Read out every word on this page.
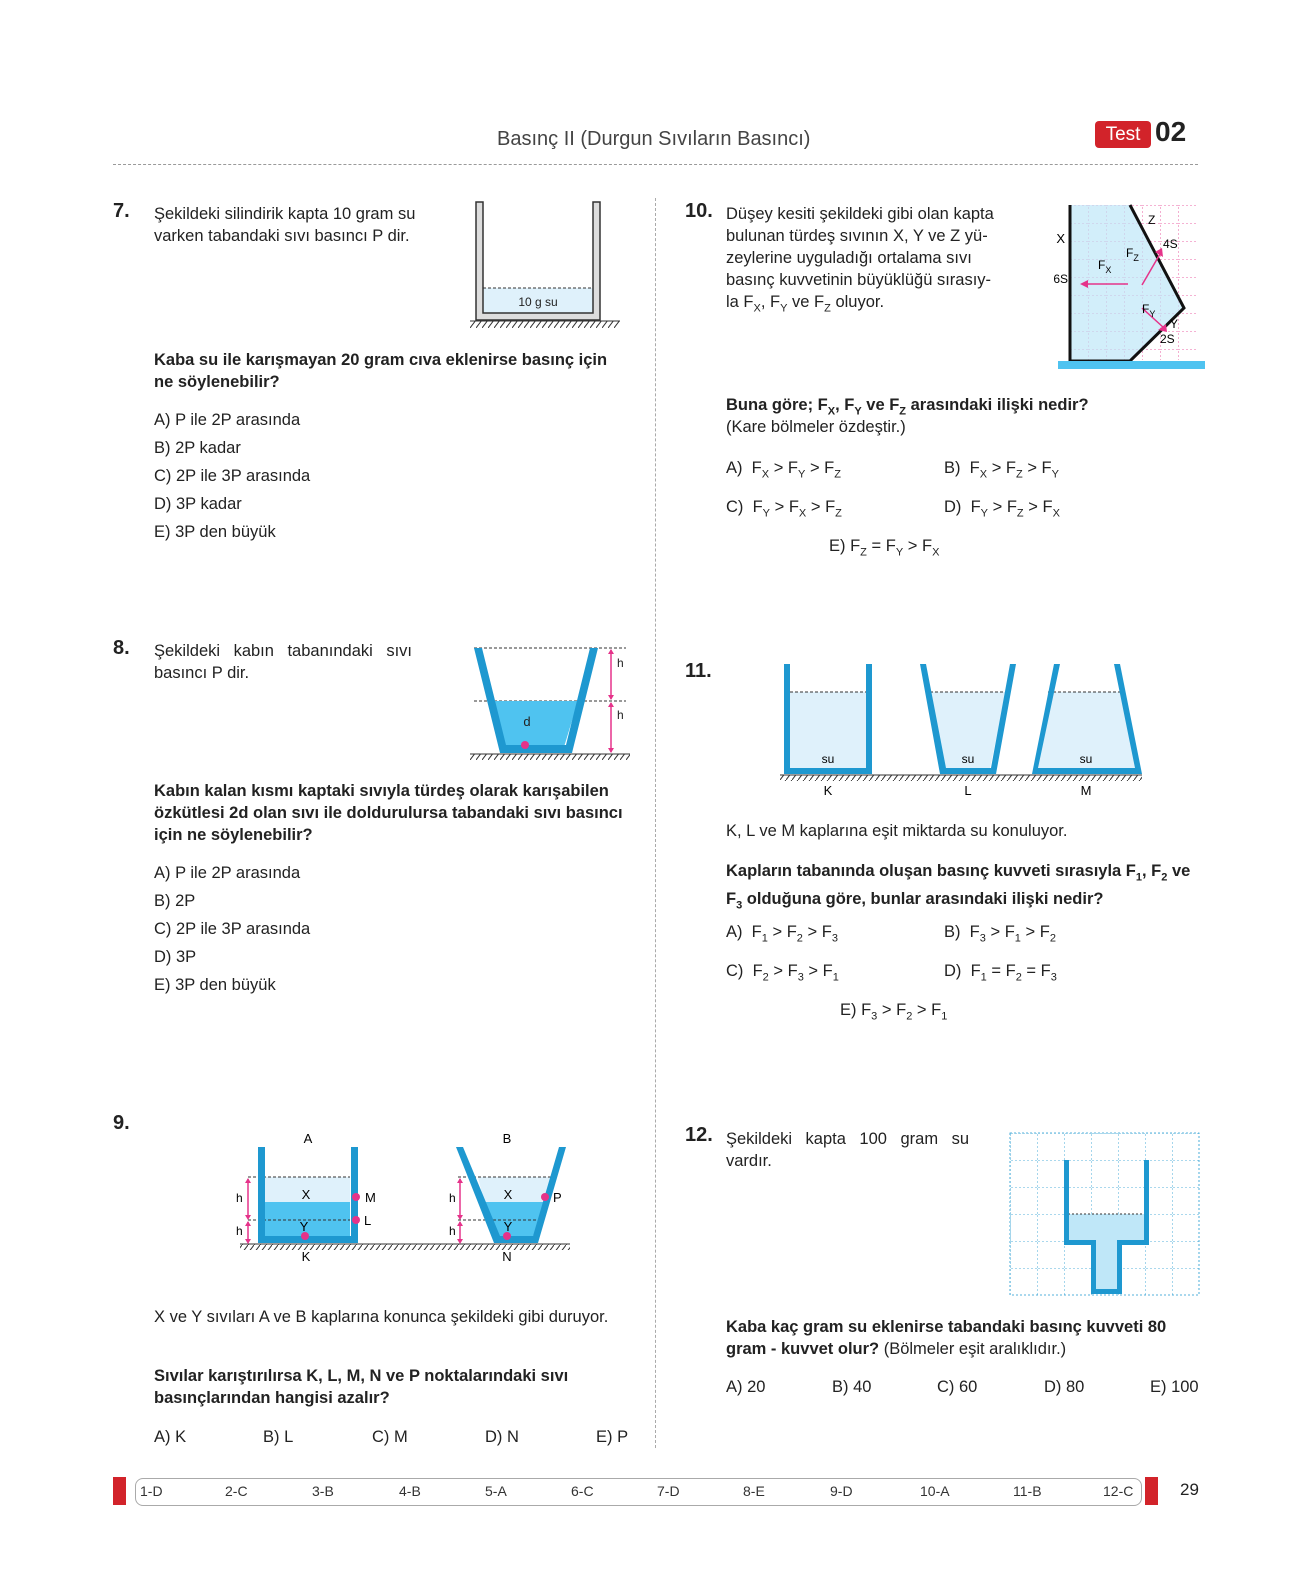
Basınç II (Durgun Sıvıların Basıncı)	Test 02
7. Şekildeki silindirik kapta 10 gram su varken tabandaki sıvı basıncı P dir.
10 g su
Kaba su ile karışmayan 20 gram cıva eklenirse basınç için ne söylenebilir?
A) P ile 2P arasında
B) 2P kadar
C) 2P ile 3P arasında
D) 3P kadar
E) 3P den büyük
8. Şekildeki kabın tabanındaki sıvı basıncı P dir.
h
h
d
Kabın kalan kısmı kaptaki sıvıyla türdeş olarak karışabilen özkütlesi 2d olan sıvı ile doldurulursa tabandaki sıvı basıncı için ne söylenebilir?
A) P ile 2P arasında
B) 2P
C) 2P ile 3P arasında
D) 3P
E) 3P den büyük
9.
A	B
X
Y
X
Y
K	N
M
L
P
h
h
h
h
X ve Y sıvıları A ve B kaplarına konunca şekildeki gibi duruyor.
Sıvılar karıştırılırsa K, L, M, N ve P noktalarındaki sıvı basınçlarından hangisi azalır?
A) K	B) L	C) M	D) N	E) P
10. Düşey kesiti şekildeki gibi olan kapta
bulunan türdeş sıvının X, Y ve Z yü-
zeylerine uyguladığı ortalama sıvı
basınç kuvvetinin büyüklüğü sırasıy-
la $F_X$, $F_Y$ ve $F_Z$ oluyor.
X
6S
Z
4S
Y
2S
$F_X$
$F_Z$
$F_Y$
Buna göre; $F_X$, $F_Y$ ve $F_Z$ arasındaki ilişki nedir?
(Kare bölmeler özdeştir.)
A)  $F_X > F_Y > F_Z$	B)  $F_X > F_Z > F_Y$
C)  $F_Y > F_X > F_Z$	D)  $F_Y > F_Z > F_X$
E) $F_Z = F_Y > F_X$
11.
su	su	su
K	L	M
K, L ve M kaplarına eşit miktarda su konuluyor.
Kapların tabanında oluşan basınç kuvveti sırasıyla $F_1$, $F_2$ ve
$F_3$ olduğuna göre, bunlar arasındaki ilişki nedir?
A)  $F_1 > F_2 > F_3$	B)  $F_3 > F_1 > F_2$
C)  $F_2 > F_3 > F_1$	D)  $F_1 = F_2 = F_3$
E) $F_3 > F_2 > F_1$
12. Şekildeki kapta 100 gram su vardır.
Kaba kaç gram su eklenirse tabandaki basınç kuvveti 80 gram - kuvvet olur? (Bölmeler eşit aralıklıdır.)
A) 20	B) 40	C) 60	D) 80	E) 100
1-D	2-C	3-B	4-B	5-A	6-C	7-D	8-E	9-D	10-A	11-B	12-C	29
